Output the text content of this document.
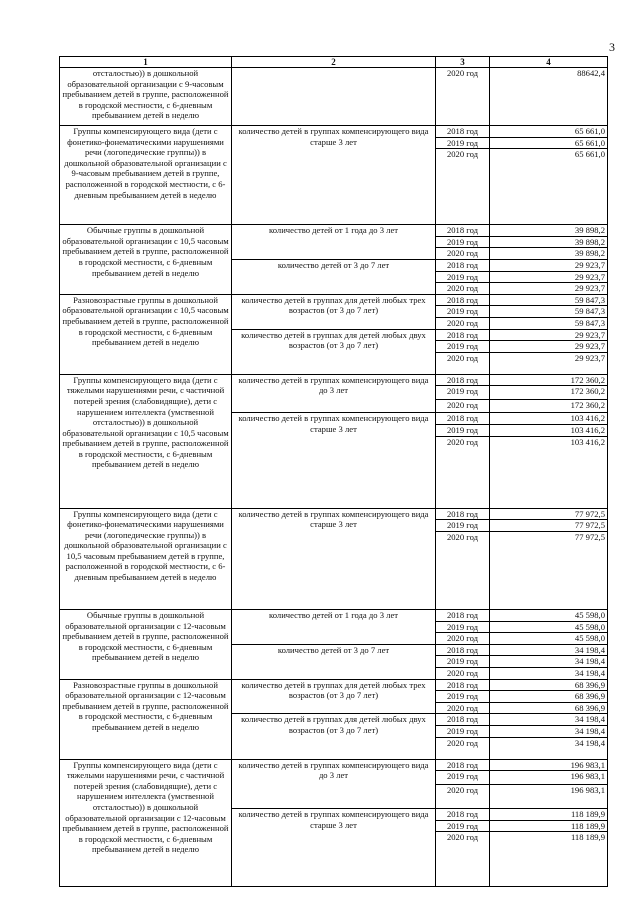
3
1	2	3	4
отсталостью)) в дошкольной образовательной организации с 9-часовым пребыванием детей в группе, расположенной в городской местности, с 6-дневным пребыванием детей в неделю		2020 год	88642,4
Группы компенсирующего вида (дети с фонетико-фонематическими нарушениями речи (логопедические группы)) в дошкольной образовательной организации с 9-часовым пребыванием детей в группе, расположенной в городской местности, с 6-дневным пребыванием детей в неделю	количество детей в группах компенсирующего вида старше 3 лет	2018 год	65 661,0
		2019 год	65 661,0
		2020 год	65 661,0
Обычные группы в дошкольной образовательной организации с 10,5 часовым пребыванием детей в группе, расположенной в городской местности, с 6-дневным пребыванием детей в неделю	количество детей от 1 года до 3 лет	2018 год	39 898,2
		2019 год	39 898,2
		2020 год	39 898,2
	количество детей от 3 до 7 лет	2018 год	29 923,7
		2019 год	29 923,7
		2020 год	29 923,7
Разновозрастные группы в дошкольной образовательной организации с 10,5 часовым пребыванием детей в группе, расположенной в городской местности, с 6-дневным пребыванием детей в неделю	количество детей в группах для детей любых трех возрастов (от 3 до 7 лет)	2018 год	59 847,3
		2019 год	59 847,3
		2020 год	59 847,3
	количество детей в группах для детей любых двух возрастов (от 3 до 7 лет)	2018 год	29 923,7
		2019 год	29 923,7
		2020 год	29 923,7
Группы компенсирующего вида (дети с тяжелыми нарушениями речи, с частичной потерей зрения (слабовидящие), дети с нарушением интеллекта (умственной отсталостью)) в дошкольной образовательной организации с 10,5 часовым пребыванием детей в группе, расположенной в городской местности, с 6-дневным пребыванием детей в неделю	количество детей в группах компенсирующего вида до 3 лет	2018 год	172 360,2
		2019 год	172 360,2
		2020 год	172 360,2
	количество детей в группах компенсирующего вида старше 3 лет	2018 год	103 416,2
		2019 год	103 416,2
		2020 год	103 416,2
Группы компенсирующего вида (дети с фонетико-фонематическими нарушениями речи (логопедические группы)) в дошкольной образовательной организации с 10,5 часовым пребыванием детей в группе, расположенной в городской местности, с 6-дневным пребыванием детей в неделю	количество детей в группах компенсирующего вида старше 3 лет	2018 год	77 972,5
		2019 год	77 972,5
		2020 год	77 972,5
Обычные группы в дошкольной образовательной организации с 12-часовым пребыванием детей в группе, расположенной в городской местности, с 6-дневным пребыванием детей в неделю	количество детей от 1 года до 3 лет	2018 год	45 598,0
		2019 год	45 598,0
		2020 год	45 598,0
	количество детей от 3 до 7 лет	2018 год	34 198,4
		2019 год	34 198,4
		2020 год	34 198,4
Разновозрастные группы в дошкольной образовательной организации с 12-часовым пребыванием детей в группе, расположенной в городской местности, с 6-дневным пребыванием детей в неделю	количество детей в группах для детей любых трех возрастов (от 3 до 7 лет)	2018 год	68 396,9
		2019 год	68 396,9
		2020 год	68 396,9
	количество детей в группах для детей любых двух возрастов (от 3 до 7 лет)	2018 год	34 198,4
		2019 год	34 198,4
		2020 год	34 198,4
Группы компенсирующего вида (дети с тяжелыми нарушениями речи, с частичной потерей зрения (слабовидящие), дети с нарушением интеллекта (умственной отсталостью)) в дошкольной образовательной организации с 12-часовым пребыванием детей в группе, расположенной в городской местности, с 6-дневным пребыванием детей в неделю	количество детей в группах компенсирующего вида до 3 лет	2018 год	196 983,1
		2019 год	196 983,1
		2020 год	196 983,1
	количество детей в группах компенсирующего вида старше 3 лет	2018 год	118 189,9
		2019 год	118 189,9
		2020 год	118 189,9
